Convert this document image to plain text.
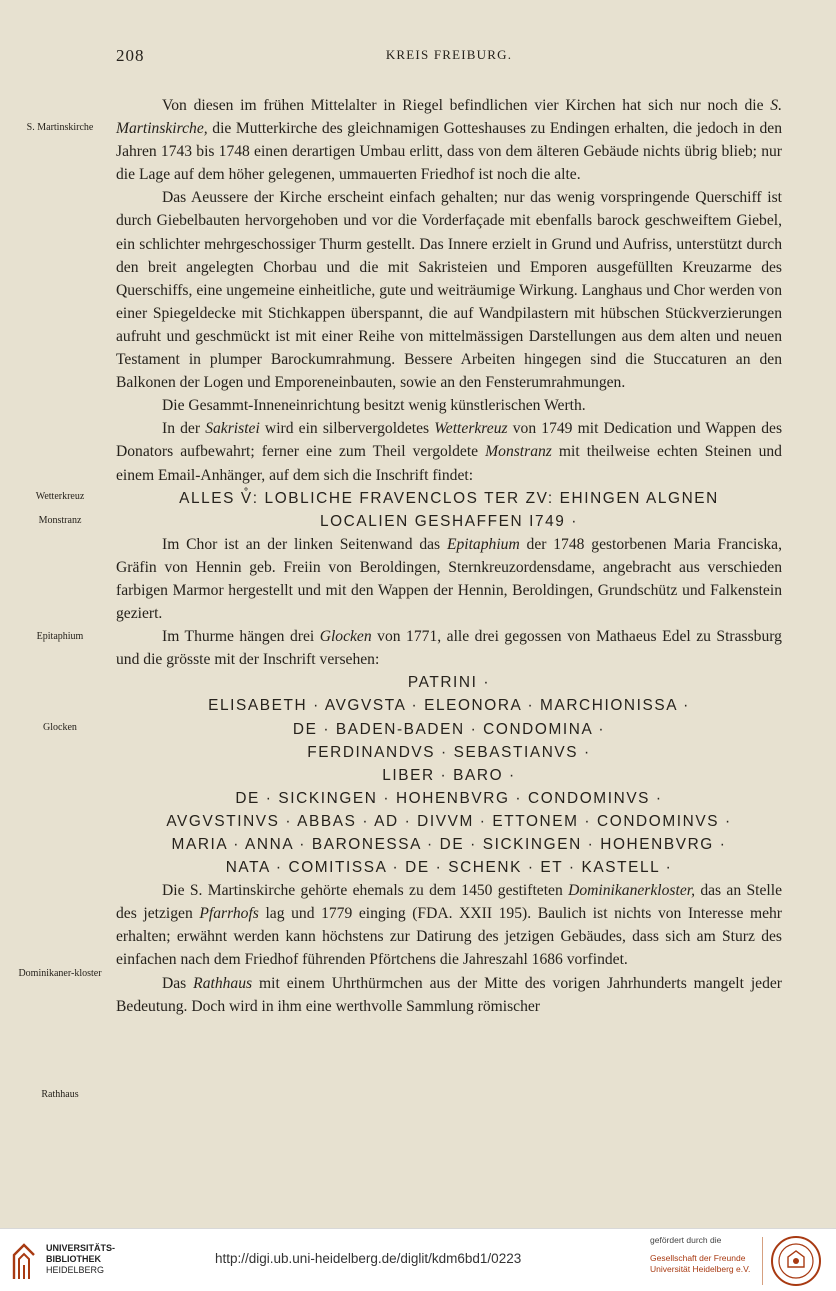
208	KREIS FREIBURG.
S. Martinskirche
Wetterkreuz
Monstranz
Epitaphium
Glocken
Dominikaner-kloster
Rathhaus

Von diesen im frühen Mittelalter in Riegel befindlichen vier Kirchen hat sich nur noch die S. Martinskirche, die Mutterkirche des gleichnamigen Gotteshauses zu Endingen erhalten, die jedoch in den Jahren 1743 bis 1748 einen derartigen Umbau erlitt, dass von dem älteren Gebäude nichts übrig blieb; nur die Lage auf dem höher gelegenen, ummauerten Friedhof ist noch die alte.

Das Aeussere der Kirche erscheint einfach gehalten; nur das wenig vorspringende Querschiff ist durch Giebelbauten hervorgehoben und vor die Vorderfaçade mit ebenfalls barock geschweiftem Giebel, ein schlichter mehrgeschossiger Thurm gestellt. Das Innere erzielt in Grund und Aufriss, unterstützt durch den breit angelegten Chorbau und die mit Sakristeien und Emporen ausgefüllten Kreuzarme des Querschiffs, eine ungemeine einheitliche, gute und weiträumige Wirkung. Langhaus und Chor werden von einer Spiegeldecke mit Stichkappen überspannt, die auf Wandpilastern mit hübschen Stückverzierungen aufruht und geschmückt ist mit einer Reihe von mittelmässigen Darstellungen aus dem alten und neuen Testament in plumper Barockumrahmung. Bessere Arbeiten hingegen sind die Stuccaturen an den Balkonen der Logen und Emporeneinbauten, sowie an den Fensterumrahmungen.

Die Gesammt-Inneneinrichtung besitzt wenig künstlerischen Werth.

In der Sakristei wird ein silbervergoldetes Wetterkreuz von 1749 mit Dedication und Wappen des Donators aufbewahrt; ferner eine zum Theil vergoldete Monstranz mit theilweise echten Steinen und einem Email-Anhänger, auf dem sich die Inschrift findet:

ALLES V̊: LOBLICHE FRAVENCLOS TER ZV: EHINGEN ALGNEN
LOCALIEN GESHAFFEN I749 ·

Im Chor ist an der linken Seitenwand das Epitaphium der 1748 gestorbenen Maria Franciska, Gräfin von Hennin geb. Freiin von Beroldingen, Sternkreuzordensdame, angebracht aus verschieden farbigen Marmor hergestellt und mit den Wappen der Hennin, Beroldingen, Grundschütz und Falkenstein geziert.

Im Thurme hängen drei Glocken von 1771, alle drei gegossen von Mathaeus Edel zu Strassburg und die grösste mit der Inschrift versehen:

PATRINI ·
ELISABETH · AVGVSTA · ELEONORA · MARCHIONISSA ·
DE · BADEN-BADEN · CONDOMINA ·
FERDINANDVS · SEBASTIANVS ·
LIBER · BARO ·
DE · SICKINGEN · HOHENBVRG · CONDOMINVS ·
AVGVSTINVS · ABBAS · AD · DIVVM · ETTONEM · CONDOMINVS ·
MARIA · ANNA · BARONESSA · DE · SICKINGEN · HOHENBVRG ·
NATA · COMITISSA · DE · SCHENK · ET · KASTELL ·

Die S. Martinskirche gehörte ehemals zu dem 1450 gestifteten Dominikanerkloster, das an Stelle des jetzigen Pfarrhofs lag und 1779 einging (FDA. XXII 195). Baulich ist nichts von Interesse mehr erhalten; erwähnt werden kann höchstens zur Datirung des jetzigen Gebäudes, dass sich am Sturz des einfachen nach dem Friedhof führenden Pförtchens die Jahreszahl 1686 vorfindet.

Das Rathhaus mit einem Uhrthürmchen aus der Mitte des vorigen Jahrhunderts mangelt jeder Bedeutung. Doch wird in ihm eine werthvolle Sammlung römischer

UNIVERSITÄTS-
BIBLIOTHEK
HEIDELBERG
http://digi.ub.uni-heidelberg.de/diglit/kdm6bd1/0223
gefördert durch die
Gesellschaft der Freunde
Universität Heidelberg e.V.
